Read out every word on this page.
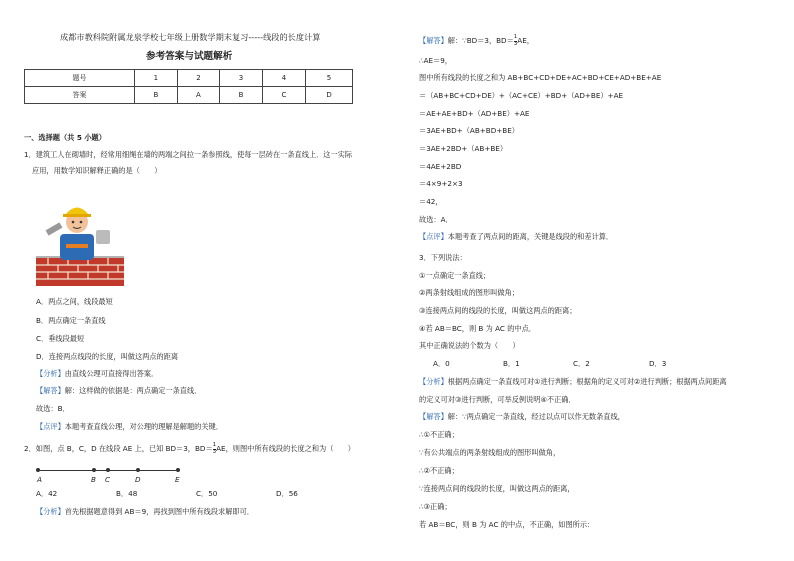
成都市教科院附属龙泉学校七年级上册数学期末复习-----线段的长度计算
参考答案与试题解析
题号	1	2	3	4	5
答案	B	A	B	C	D
一、选择题（共 5 小题）
1．建筑工人在砌墙时，经常用细绳在墙的两端之间拉一条参照线，使每一层砖在一条直线上．这一实际
应用，用数学知识解释正确的是（　　）
A．两点之间，线段最短
B．两点确定一条直线
C．垂线段最短
D．连接两点线段的长度，叫做这两点的距离
【分析】由直线公理可直接得出答案．
【解答】解：这样做的依据是：两点确定一条直线．
故选：B．
【点评】本题考查直线公理，对公理的理解是解题的关键．
2．如图，点 B，C，D 在线段 AE 上，已知 BD＝3，$BD= \frac{1}{3}$ AE，则图中所有线段的长度之和为（　　）
A	B C	D	E
A．42	B．48	C．50	D．56
【分析】首先根据题意得到 AB＝9，再找到图中所有线段求解即可．
【解答】解：∵BD＝3，$BD= \frac{1}{3}$ AE，
∴AE＝9，
图中所有线段的长度之和为 AB+BC+CD+DE+AC+BD+CE+AD+BE+AE
＝（AB+BC+CD+DE）+（AC+CE）+BD+（AD+BE）+AE
＝AE+AE+BD+（AD+BE）+AE
＝3AE+BD+（AB+BD+BE）
＝3AE+2BD+（AB+BE）
＝4AE+2BD
＝4×9+2×3
＝42，
故选：A．
【点评】本题考查了两点间的距离，关键是线段的和差计算．
3．下列说法：
①一点确定一条直线；
②两条射线组成的图形叫做角；
③连接两点间的线段的长度，叫做这两点的距离；
④若 AB＝BC，则 B 为 AC 的中点．
其中正确说法的个数为（　　）
A．0	B．1	C．2	D．3
【分析】根据两点确定一条直线可对①进行判断；根据角的定义可对②进行判断；根据两点间距离
的定义可对③进行判断，可举反例说明④不正确．
【解答】解：∵两点确定一条直线，经过以点可以作无数条直线，
∴①不正确；
∵有公共端点的两条射线组成的图形叫做角，
∴②不正确；
∵连接两点间的线段的长度，叫做这两点的距离，
∴③正确；
若 AB＝BC，则 B 为 AC 的中点，不正确，如图所示：
